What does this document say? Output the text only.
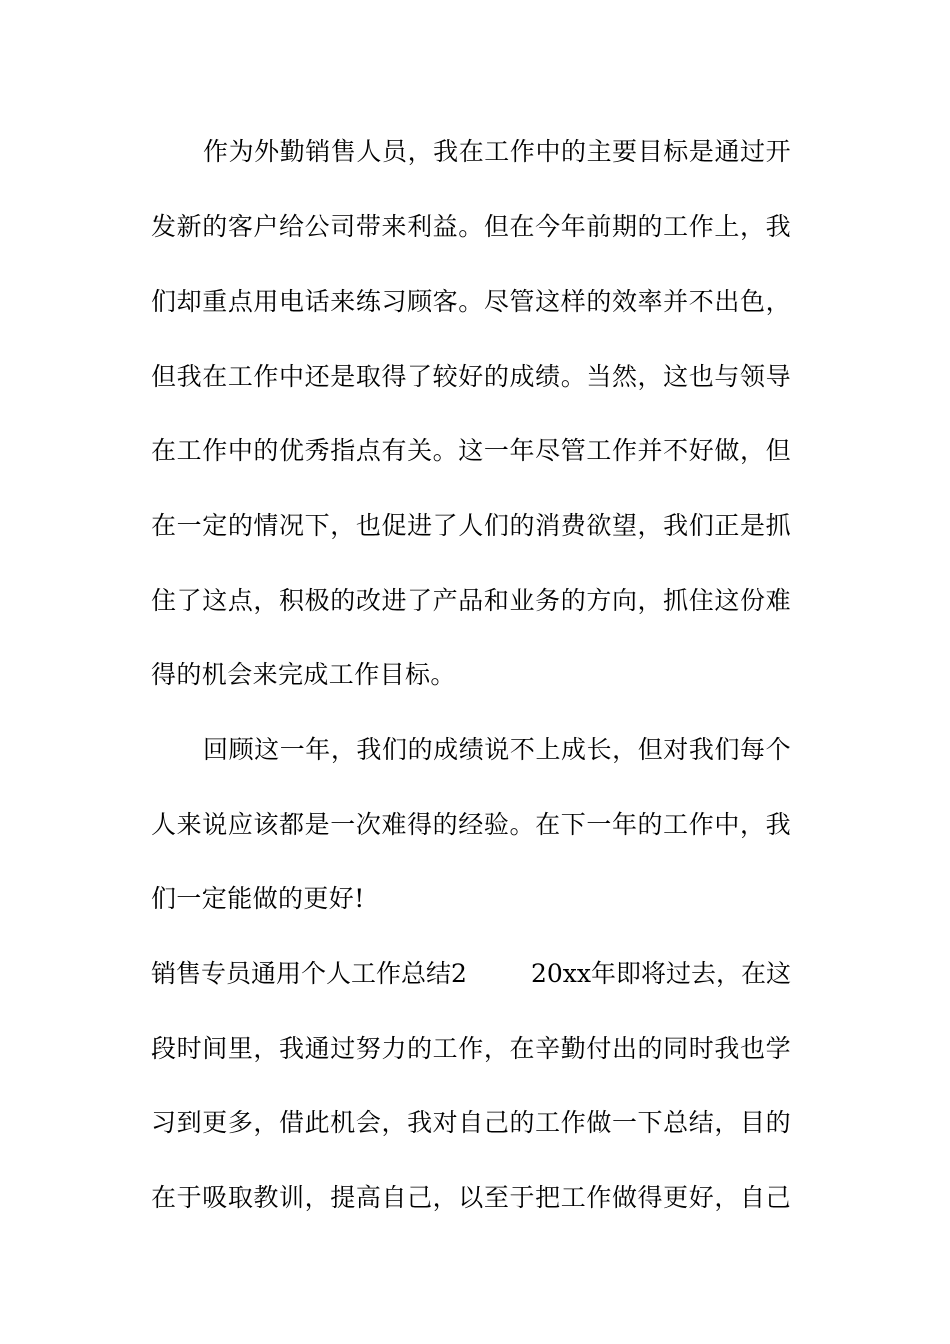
作为外勤销售人员，我在工作中的主要目标是通过开
发新的客户给公司带来利益。但在今年前期的工作上，我
们却重点用电话来练习顾客。尽管这样的效率并不出色，
但我在工作中还是取得了较好的成绩。当然，这也与领导
在工作中的优秀指点有关。这一年尽管工作并不好做，但
在一定的情况下，也促进了人们的消费欲望，我们正是抓
住了这点，积极的改进了产品和业务的方向，抓住这份难
得的机会来完成工作目标。
回顾这一年，我们的成绩说不上成长，但对我们每个
人来说应该都是一次难得的经验。在下一年的工作中，我
们一定能做的更好!
销售专员通用个人工作总结2	20xx年即将过去，在这
段时间里，我通过努力的工作，在辛勤付出的同时我也学
习到更多，借此机会，我对自己的工作做一下总结，目的
在于吸取教训，提高自己，以至于把工作做得更好，自己
